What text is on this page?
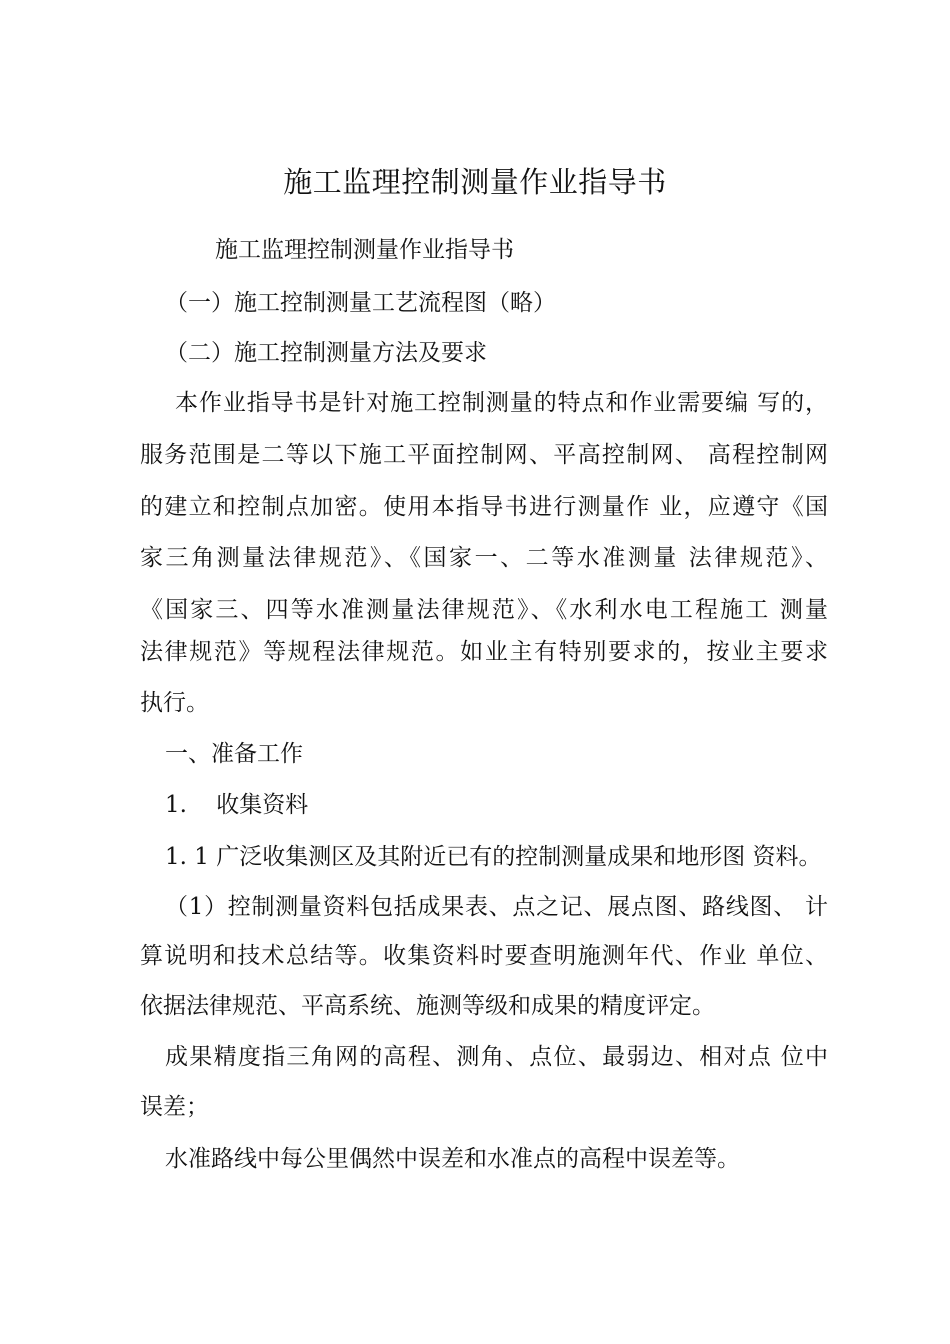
施工监理控制测量作业指导书
施工监理控制测量作业指导书
（一）施工控制测量工艺流程图（略）
（二）施工控制测量方法及要求
本作业指导书是针对施工控制测量的特点和作业需要编 写的，
服务范围是二等以下施工平面控制网、平高控制网、 高程控制网
的建立和控制点加密。使用本指导书进行测量作 业，应遵守《国
家三角测量法律规范》、《国家一、二等水准测量 法律规范》、
《国家三、四等水准测量法律规范》、《水利水电工程施工 测量
法律规范》等规程法律规范。如业主有特别要求的，按业主要求
执行。
一、准备工作
1.    收集资料
1. 1 广泛收集测区及其附近已有的控制测量成果和地形图 资料。
（1）控制测量资料包括成果表、点之记、展点图、路线图、 计
算说明和技术总结等。收集资料时要查明施测年代、作业 单位、
依据法律规范、平高系统、施测等级和成果的精度评定。
成果精度指三角网的高程、测角、点位、最弱边、相对点 位中
误差；
水准路线中每公里偶然中误差和水准点的高程中误差等。
